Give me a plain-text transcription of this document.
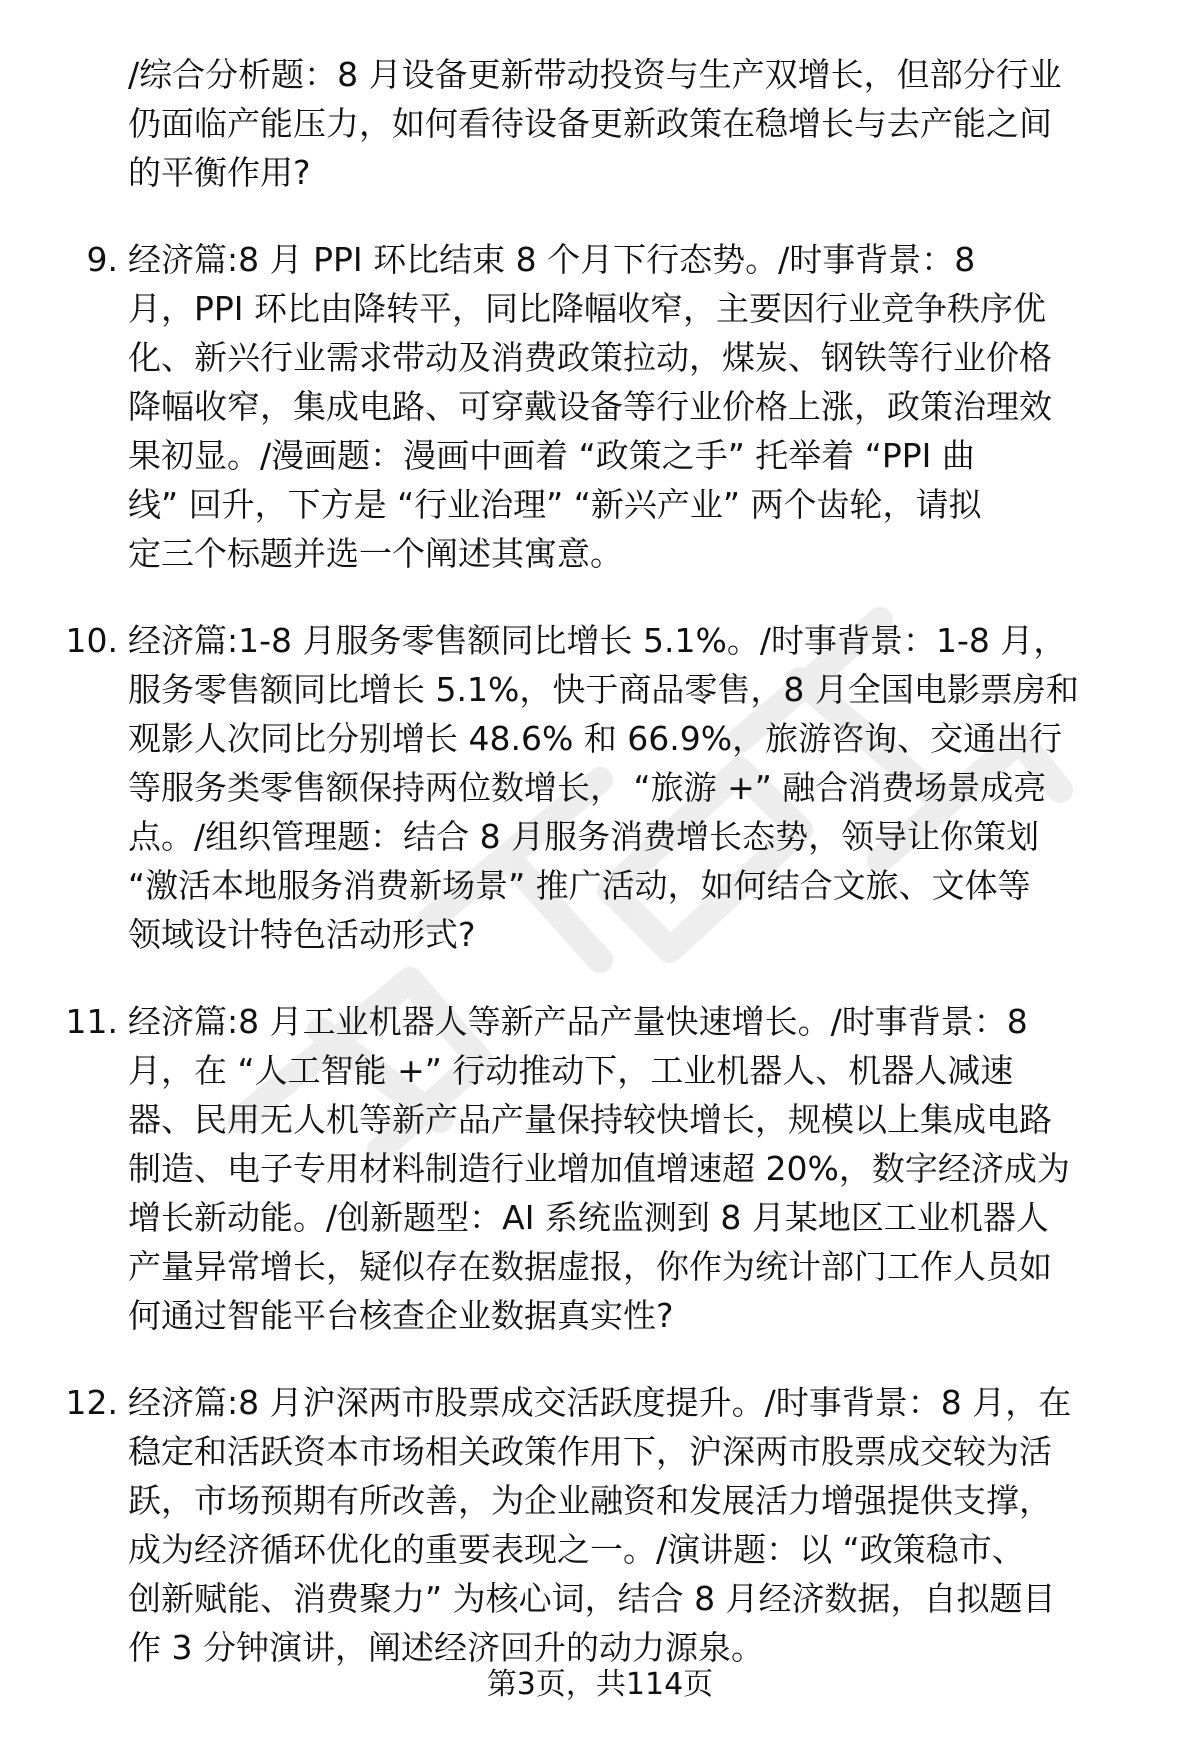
/综合分析题：8 月设备更新带动投资与生产双增长，但部分行业
仍面临产能压力，如何看待设备更新政策在稳增长与去产能之间
的平衡作用?
9. 经济篇:8 月 PPI 环比结束 8 个月下行态势。/时事背景：8
月，PPI 环比由降转平，同比降幅收窄，主要因行业竞争秩序优
化、新兴行业需求带动及消费政策拉动，煤炭、钢铁等行业价格
降幅收窄，集成电路、可穿戴设备等行业价格上涨，政策治理效
果初显。/漫画题：漫画中画着 “政策之手” 托举着 “PPI 曲
线” 回升，下方是 “行业治理” “新兴产业” 两个齿轮，请拟
定三个标题并选一个阐述其寓意。
10. 经济篇:1-8 月服务零售额同比增长 5.1%。/时事背景：1-8 月，
服务零售额同比增长 5.1%，快于商品零售，8 月全国电影票房和
观影人次同比分别增长 48.6% 和 66.9%，旅游咨询、交通出行
等服务类零售额保持两位数增长， “旅游 +” 融合消费场景成亮
点。/组织管理题：结合 8 月服务消费增长态势，领导让你策划
“激活本地服务消费新场景” 推广活动，如何结合文旅、文体等
领域设计特色活动形式?
11. 经济篇:8 月工业机器人等新产品产量快速增长。/时事背景：8
月，在 “人工智能 +” 行动推动下，工业机器人、机器人减速
器、民用无人机等新产品产量保持较快增长，规模以上集成电路
制造、电子专用材料制造行业增加值增速超 20%，数字经济成为
增长新动能。/创新题型：AI 系统监测到 8 月某地区工业机器人
产量异常增长，疑似存在数据虚报，你作为统计部门工作人员如
何通过智能平台核查企业数据真实性?
12. 经济篇:8 月沪深两市股票成交活跃度提升。/时事背景：8 月，在
稳定和活跃资本市场相关政策作用下，沪深两市股票成交较为活
跃，市场预期有所改善，为企业融资和发展活力增强提供支撑，
成为经济循环优化的重要表现之一。/演讲题：以 “政策稳市、
创新赋能、消费聚力” 为核心词，结合 8 月经济数据，自拟题目
作 3 分钟演讲，阐述经济回升的动力源泉。
第3页，共114页
